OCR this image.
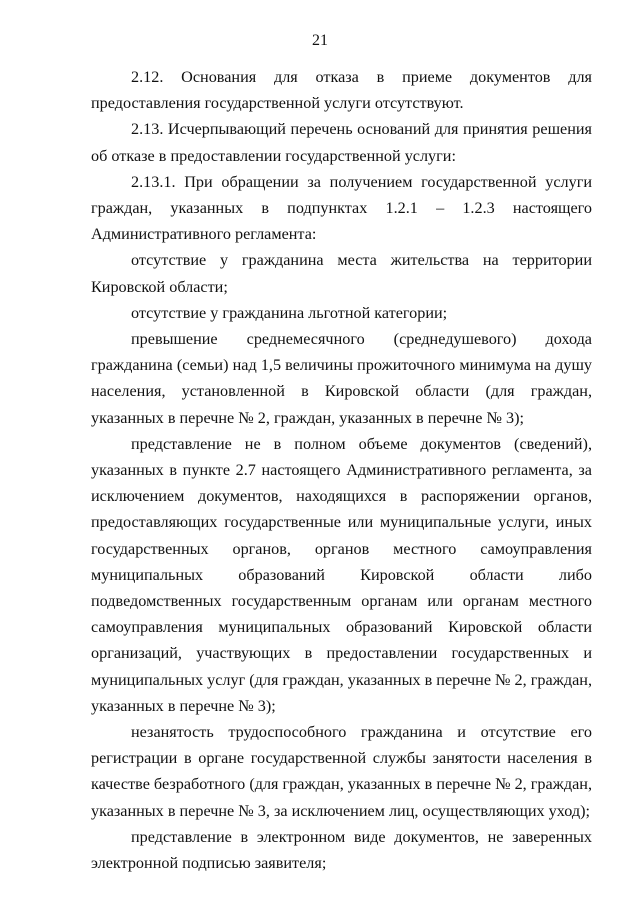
21

2.12. Основания для отказа в приеме документов для предоставления государственной услуги отсутствуют.

2.13. Исчерпывающий перечень оснований для принятия решения об отказе в предоставлении государственной услуги:

2.13.1. При обращении за получением государственной услуги граждан, указанных в подпунктах 1.2.1 – 1.2.3 настоящего Административного регламента:

отсутствие у гражданина места жительства на территории Кировской области;

отсутствие у гражданина льготной категории;

превышение среднемесячного (среднедушевого) дохода гражданина (семьи) над 1,5 величины прожиточного минимума на душу населения, установленной в Кировской области (для граждан, указанных в перечне № 2, граждан, указанных в перечне № 3);

представление не в полном объеме документов (сведений), указанных в пункте 2.7 настоящего Административного регламента, за исключением документов, находящихся в распоряжении органов, предоставляющих государственные или муниципальные услуги, иных государственных органов, органов местного самоуправления муниципальных образований Кировской области либо подведомственных государственным органам или органам местного самоуправления муниципальных образований Кировской области организаций, участвующих в предоставлении государственных и муниципальных услуг (для граждан, указанных в перечне № 2, граждан, указанных в перечне № 3);

незанятость трудоспособного гражданина и отсутствие его регистрации в органе государственной службы занятости населения в качестве безработного (для граждан, указанных в перечне № 2, граждан, указанных в перечне № 3, за исключением лиц, осуществляющих уход);

представление в электронном виде документов, не заверенных электронной подписью заявителя;
